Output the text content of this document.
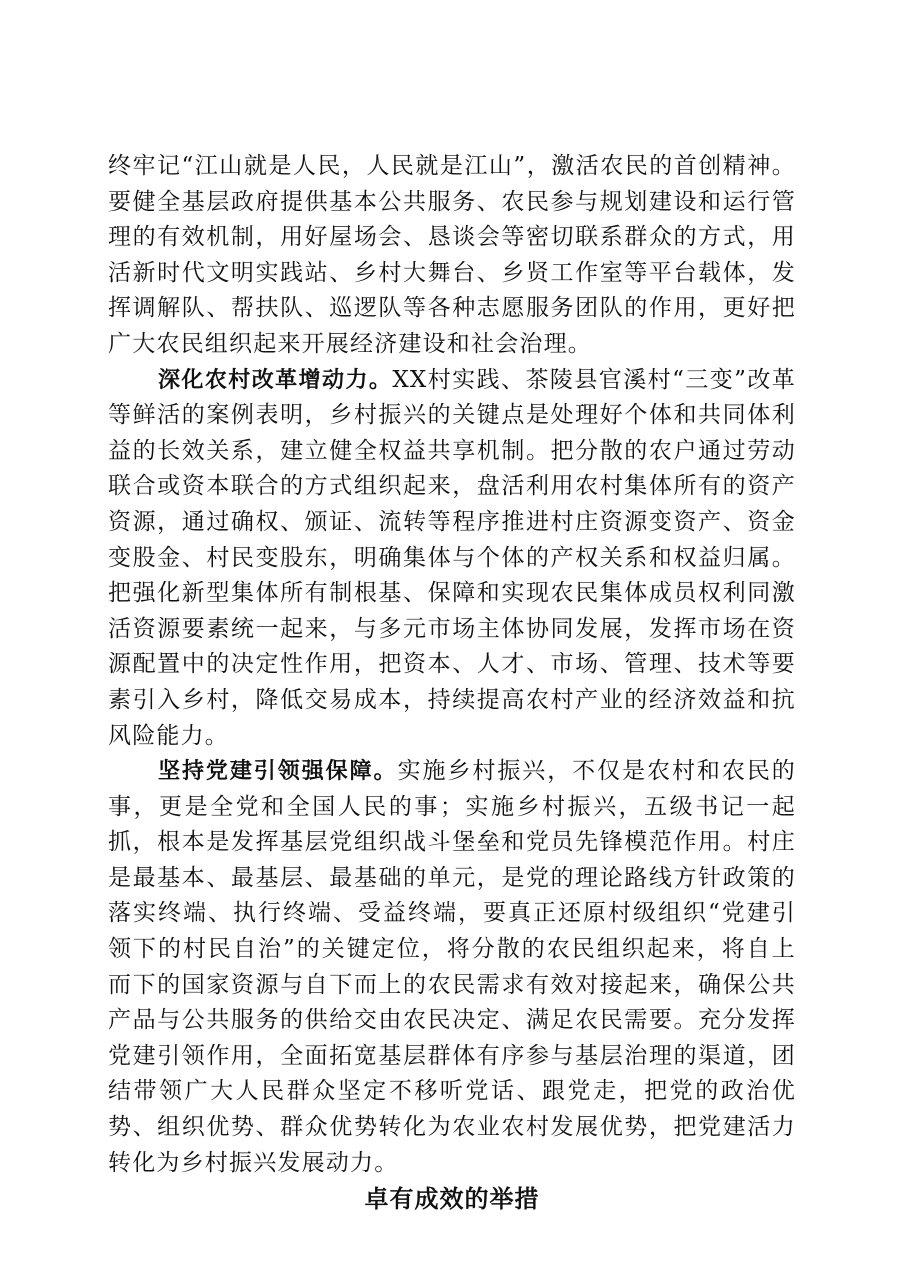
终牢记“江山就是人民，人民就是江山”，激活农民的首创精神。要健全基层政府提供基本公共服务、农民参与规划建设和运行管理的有效机制，用好屋场会、恳谈会等密切联系群众的方式，用活新时代文明实践站、乡村大舞台、乡贤工作室等平台载体，发挥调解队、帮扶队、巡逻队等各种志愿服务团队的作用，更好把广大农民组织起来开展经济建设和社会治理。

深化农村改革增动力。XX村实践、茶陵县官溪村“三变”改革等鲜活的案例表明，乡村振兴的关键点是处理好个体和共同体利益的长效关系，建立健全权益共享机制。把分散的农户通过劳动联合或资本联合的方式组织起来，盘活利用农村集体所有的资产资源，通过确权、颁证、流转等程序推进村庄资源变资产、资金变股金、村民变股东，明确集体与个体的产权关系和权益归属。把强化新型集体所有制根基、保障和实现农民集体成员权利同激活资源要素统一起来，与多元市场主体协同发展，发挥市场在资源配置中的决定性作用，把资本、人才、市场、管理、技术等要素引入乡村，降低交易成本，持续提高农村产业的经济效益和抗风险能力。

坚持党建引领强保障。实施乡村振兴，不仅是农村和农民的事，更是全党和全国人民的事；实施乡村振兴，五级书记一起抓，根本是发挥基层党组织战斗堡垒和党员先锋模范作用。村庄是最基本、最基层、最基础的单元，是党的理论路线方针政策的落实终端、执行终端、受益终端，要真正还原村级组织“党建引领下的村民自治”的关键定位，将分散的农民组织起来，将自上而下的国家资源与自下而上的农民需求有效对接起来，确保公共产品与公共服务的供给交由农民决定、满足农民需要。充分发挥党建引领作用，全面拓宽基层群体有序参与基层治理的渠道，团结带领广大人民群众坚定不移听党话、跟党走，把党的政治优势、组织优势、群众优势转化为农业农村发展优势，把党建活力转化为乡村振兴发展动力。

卓有成效的举措
